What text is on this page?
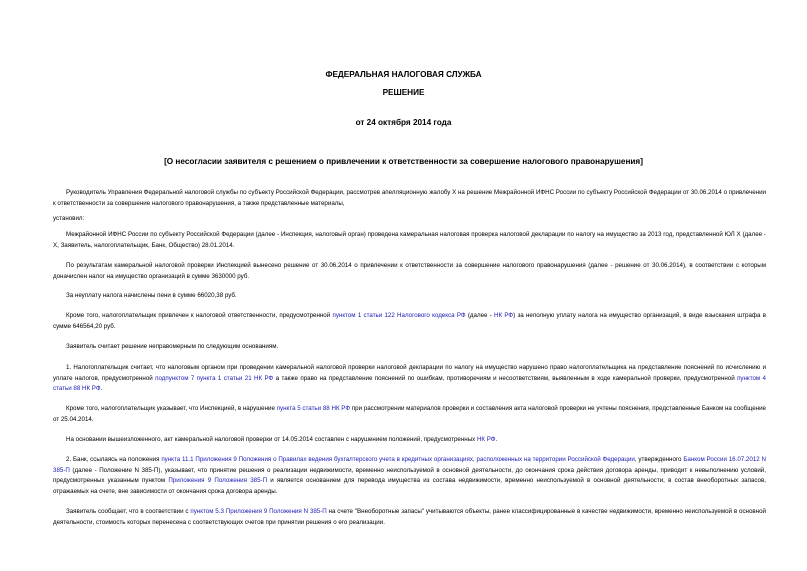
ФЕДЕРАЛЬНАЯ НАЛОГОВАЯ СЛУЖБА
РЕШЕНИЕ
от 24 октября 2014 года
[О несогласии заявителя с решением о привлечении к ответственности за совершение налогового правонарушения]
Руководитель Управления Федеральной налоговой службы по субъекту Российской Федерации, рассмотрев апелляционную жалобу X на решение Межрайонной ИФНС России по субъекту Российской Федерации от 30.06.2014 о привлечении к ответственности за совершение налогового правонарушения, а также представленные материалы,
установил:
Межрайонной ИФНС России по субъекту Российской Федерации (далее - Инспекция, налоговый орган) проведена камеральная налоговая проверка налоговой декларации по налогу на имущество за 2013 год, представленной ЮЛ X (далее - X, Заявитель, налогоплательщик, Банк, Общество) 28.01.2014.
По результатам камеральной налоговой проверки Инспекцией вынесено решение от 30.06.2014 о привлечении к ответственности за совершение налогового правонарушения (далее - решение от 30.06.2014), в соответствии с которым доначислен налог на имущество организаций в сумме 3630000 руб.
За неуплату налога начислены пени в сумме 66020,38 руб.
Кроме того, налогоплательщик привлечен к налоговой ответственности, предусмотренной пунктом 1 статьи 122 Налогового кодекса РФ (далее - НК РФ) за неполную уплату налога на имущество организаций, в виде взыскания штрафа в сумме 646564,20 руб.
Заявитель считает решение неправомерным по следующим основаниям.
1. Налогоплательщик считает, что налоговым органом при проведении камеральной налоговой проверки налоговой декларации по налогу на имущество нарушено право налогоплательщика на представление пояснений по исчислению и уплате налогов, предусмотренной подпунктом 7 пункта 1 статьи 21 НК РФ а также право на представление пояснений по ошибкам, противоречиям и несоответствиям, выявленным в ходе камеральной проверки, предусмотренной пунктом 4 статьи 88 НК РФ.
Кроме того, налогоплательщик указывает, что Инспекцией, в нарушение пункта 5 статьи 88 НК РФ при рассмотрении материалов проверки и составления акта налоговой проверки не учтены пояснения, представленные Банком на сообщение от 25.04.2014.
На основании вышеизложенного, акт камеральной налоговой проверки от 14.05.2014 составлен с нарушением положений, предусмотренных НК РФ.
2. Банк, ссылаясь на положения пункта 11.1 Приложения 9 Положения о Правилах ведения бухгалтерского учета в кредитных организациях, расположенных на территории Российской Федерации, утвержденного Банком России 16.07.2012 N 385-П (далее - Положение N 385-П), указывает, что принятие решения о реализации недвижимости, временно неиспользуемой в основной деятельности, до окончания срока действия договора аренды, приводит к невыполнению условий, предусмотренных указанным пунктом Приложения 9 Положения 385-П и является основанием для перевода имущества из состава недвижимости, временно неиспользуемой в основной деятельности, в состав внеоборотных запасов, отражаемых на счете, вне зависимости от окончания срока договора аренды.
Заявитель сообщает, что в соответствии с пунктом 5.3 Приложения 9 Положения N 385-П на счете "Внеоборотные запасы" учитываются объекты, ранее классифицированные в качестве недвижимости, временно неиспользуемой в основной деятельности, стоимость которых перенесена с соответствующих счетов при принятии решения о его реализации.
